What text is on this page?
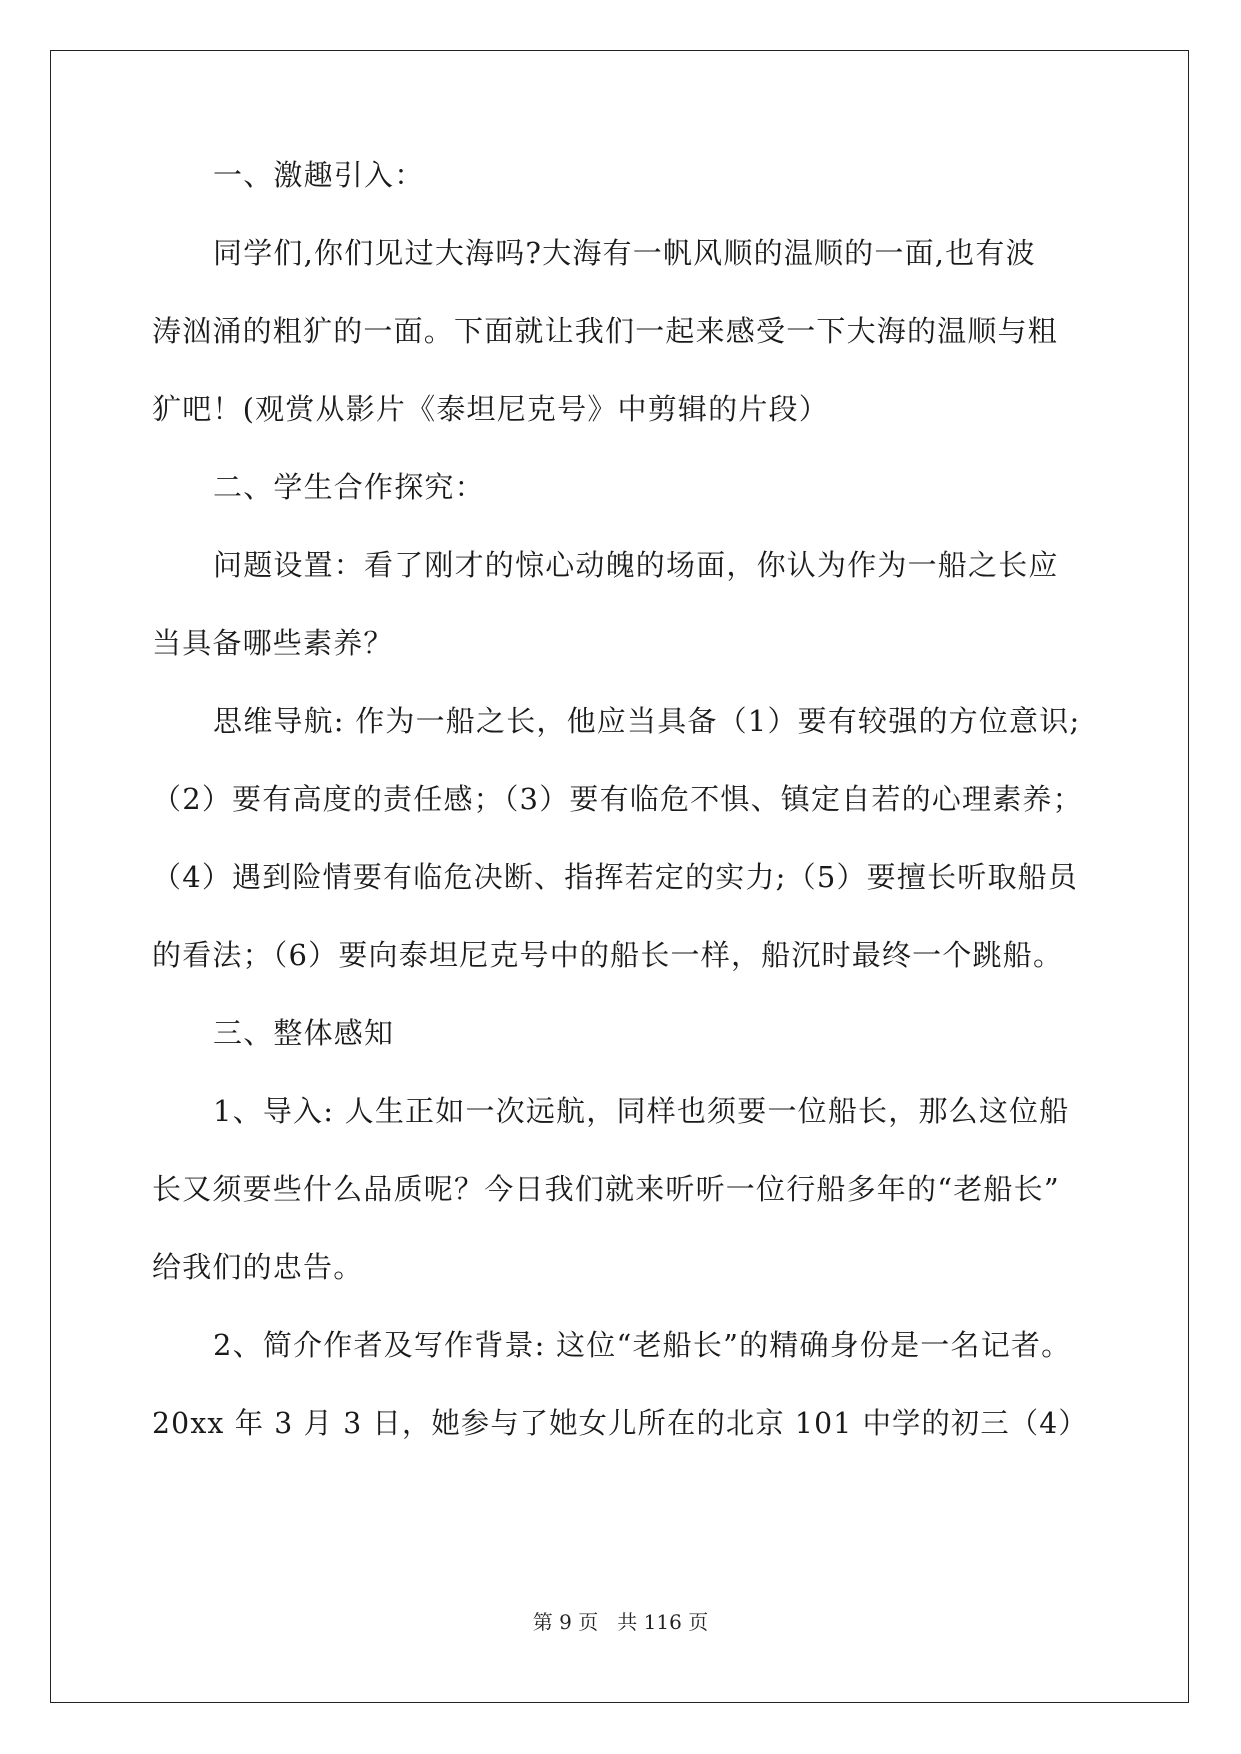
一、激趣引入：
同学们,你们见过大海吗?大海有一帆风顺的温顺的一面,也有波
涛汹涌的粗犷的一面。下面就让我们一起来感受一下大海的温顺与粗
犷吧！(观赏从影片《泰坦尼克号》中剪辑的片段）
二、学生合作探究：
问题设置：看了刚才的惊心动魄的场面，你认为作为一船之长应
当具备哪些素养？
思维导航: 作为一船之长，他应当具备（1）要有较强的方位意识;
（2）要有高度的责任感；（3）要有临危不惧、镇定自若的心理素养；
（4）遇到险情要有临危决断、指挥若定的实力;（5）要擅长听取船员
的看法；（6）要向泰坦尼克号中的船长一样，船沉时最终一个跳船。
三、整体感知
1、导入: 人生正如一次远航，同样也须要一位船长，那么这位船
长又须要些什么品质呢？今日我们就来听听一位行船多年的“老船长”
给我们的忠告。
2、简介作者及写作背景: 这位“老船长”的精确身份是一名记者。
20xx 年 3 月 3 日，她参与了她女儿所在的北京 101 中学的初三（4）
第 9 页   共 116 页
